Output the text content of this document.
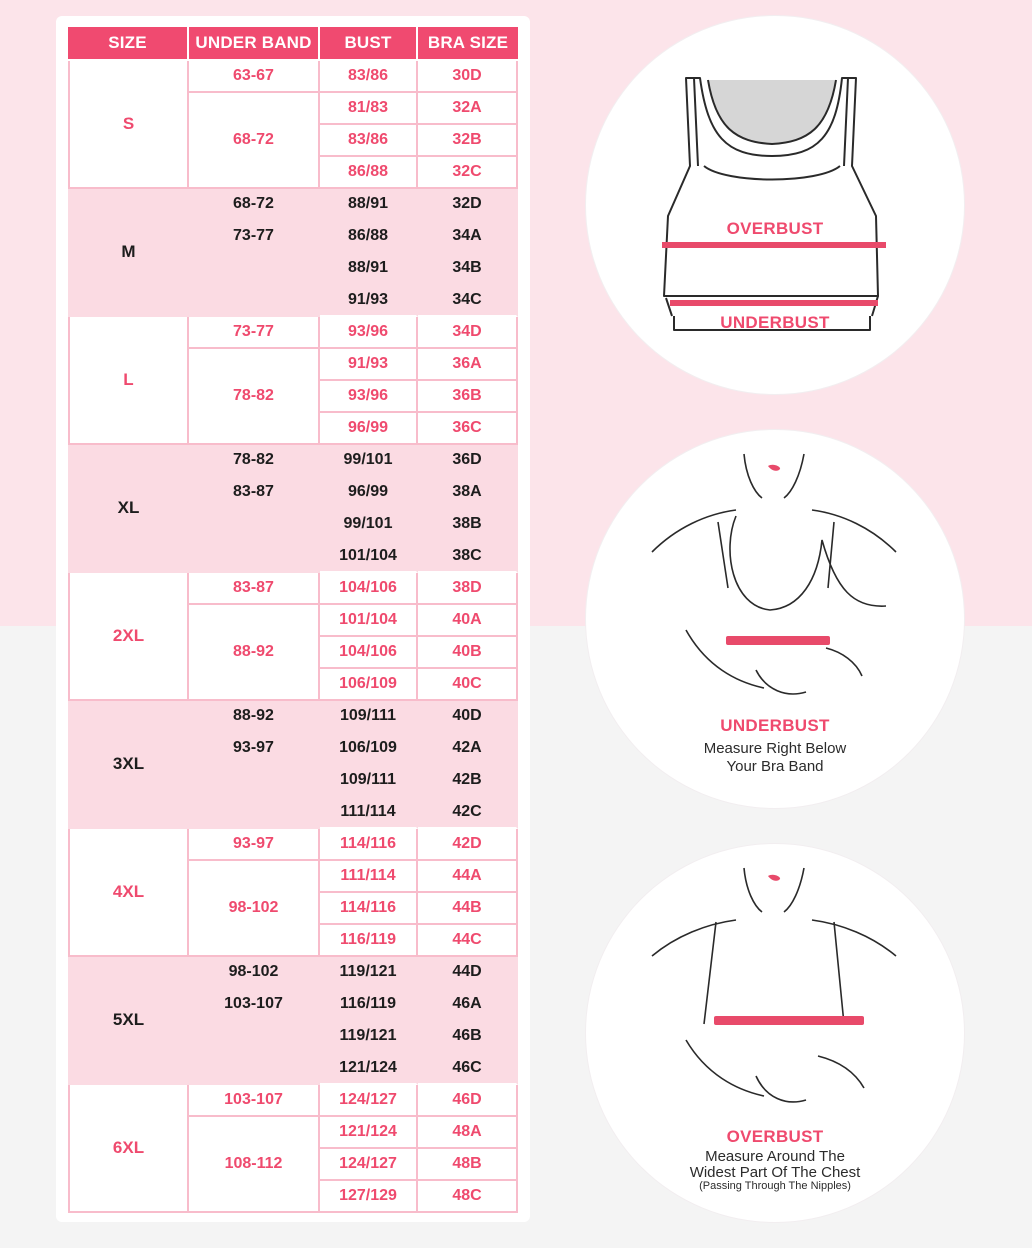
SIZE	UNDER BAND	BUST	BRA SIZE
S	63-67	83/86	30D
	68-72	81/83	32A
		83/86	32B
		86/88	32C
M	68-72	88/91	32D
	73-77	86/88	34A
		88/91	34B
		91/93	34C
L	73-77	93/96	34D
	78-82	91/93	36A
		93/96	36B
		96/99	36C
XL	78-82	99/101	36D
	83-87	96/99	38A
		99/101	38B
		101/104	38C
2XL	83-87	104/106	38D
	88-92	101/104	40A
		104/106	40B
		106/109	40C
3XL	88-92	109/111	40D
	93-97	106/109	42A
		109/111	42B
		111/114	42C
4XL	93-97	114/116	42D
	98-102	111/114	44A
		114/116	44B
		116/119	44C
5XL	98-102	119/121	44D
	103-107	116/119	46A
		119/121	46B
		121/124	46C
6XL	103-107	124/127	46D
	108-112	121/124	48A
		124/127	48B
		127/129	48C
OVERBUST
UNDERBUST
UNDERBUST
Measure Right Below
Your Bra Band
OVERBUST
Measure Around The
Widest Part Of The Chest
(Passing Through The Nipples)
